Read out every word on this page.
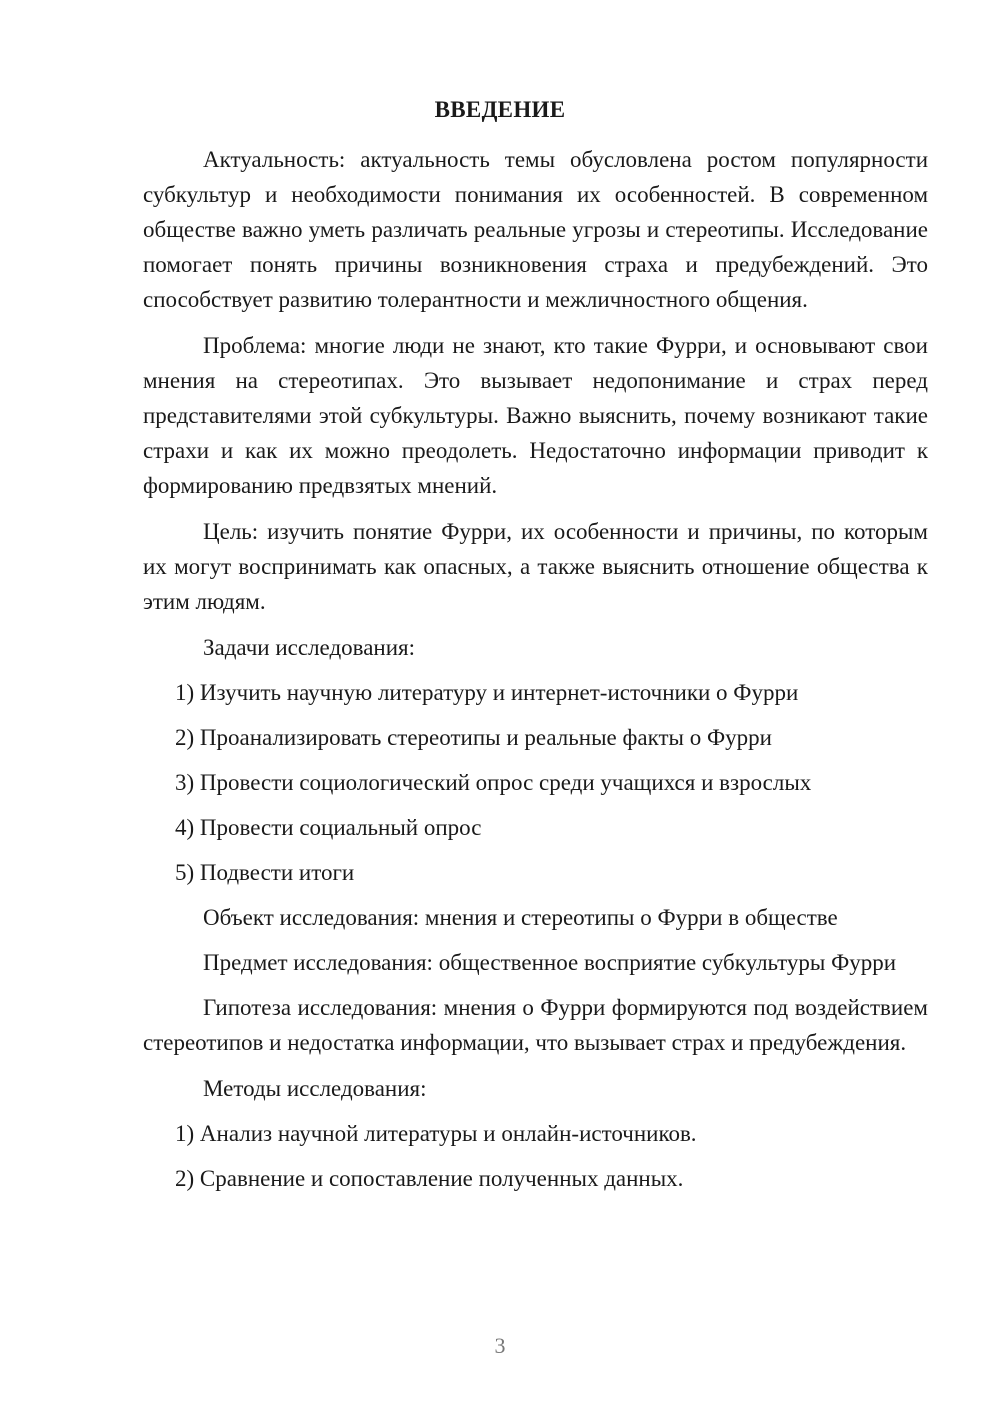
ВВЕДЕНИЕ

Актуальность: актуальность темы обусловлена ростом популярности субкультур и необходимости понимания их особенностей. В современном обществе важно уметь различать реальные угрозы и стереотипы. Исследование помогает понять причины возникновения страха и предубеждений. Это способствует развитию толерантности и межличностного общения.

Проблема: многие люди не знают, кто такие Фурри, и основывают свои мнения на стереотипах. Это вызывает недопонимание и страх перед представителями этой субкультуры. Важно выяснить, почему возникают такие страхи и как их можно преодолеть. Недостаточно информации приводит к формированию предвзятых мнений.

Цель: изучить понятие Фурри, их особенности и причины, по которым их могут воспринимать как опасных, а также выяснить отношение общества к этим людям.

Задачи исследования:

1) Изучить научную литературу и интернет-источники о Фурри

2) Проанализировать стереотипы и реальные факты о Фурри

3) Провести социологический опрос среди учащихся и взрослых

4) Провести социальный опрос

5) Подвести итоги

Объект исследования: мнения и стереотипы о Фурри в обществе

Предмет исследования: общественное восприятие субкультуры Фурри

Гипотеза исследования: мнения о Фурри формируются под воздействием стереотипов и недостатка информации, что вызывает страх и предубеждения.

Методы исследования:

1) Анализ научной литературы и онлайн-источников.

2) Сравнение и сопоставление полученных данных.

3
